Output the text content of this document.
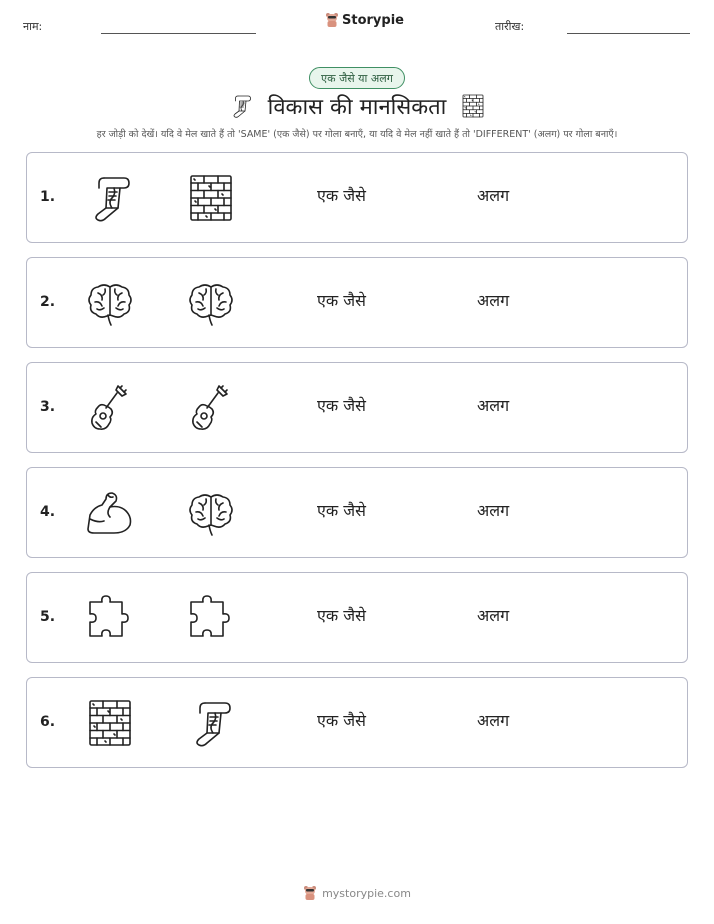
नाम:	Storypie	तारीख:
एक जैसे या अलग
विकास की मानसिकता
हर जोड़ी को देखें। यदि वे मेल खाते हैं तो 'SAME' (एक जैसे) पर गोला बनाएँ, या यदि वे मेल नहीं खाते हैं तो 'DIFFERENT' (अलग) पर गोला बनाएँ।
1.	एक जैसे	अलग
2.	एक जैसे	अलग
3.	एक जैसे	अलग
4.	एक जैसे	अलग
5.	एक जैसे	अलग
6.	एक जैसे	अलग
mystorypie.com
